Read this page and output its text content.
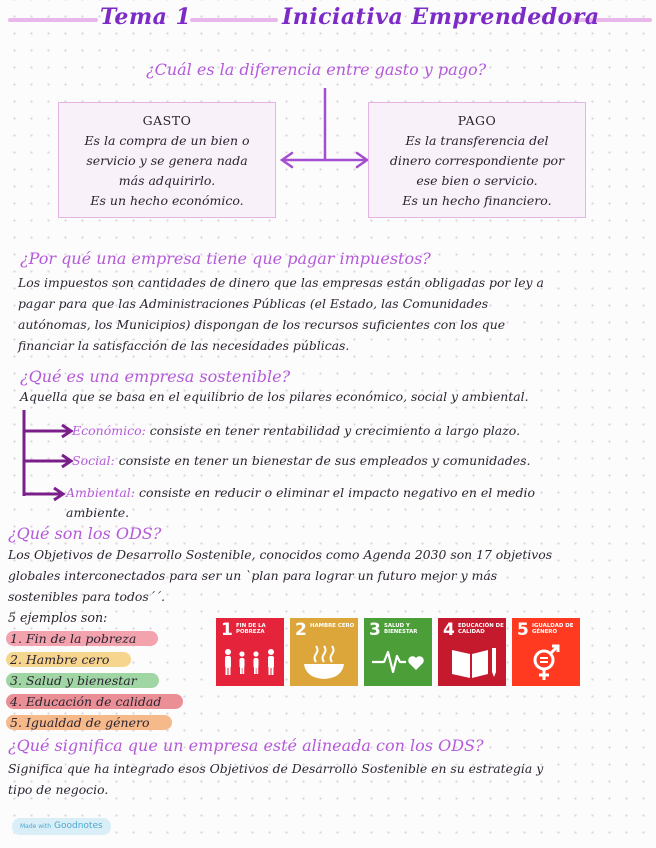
Tema 1	Iniciativa Emprendedora
¿Cuál es la diferencia entre gasto y pago?
GASTO
Es la compra de un bien o
servicio y se genera nada
más adquirirlo.
Es un hecho económico.
PAGO
Es la transferencia del
dinero correspondiente por
ese bien o servicio.
Es un hecho financiero.
¿Por qué una empresa tiene que pagar impuestos?
Los impuestos son cantidades de dinero que las empresas están obligadas por ley a
pagar para que las Administraciones Públicas (el Estado, las Comunidades
autónomas, los Municipios) dispongan de los recursos suficientes con los que
financiar la satisfacción de las necesidades públicas.
¿Qué es una empresa sostenible?
Aquella que se basa en el equilibrio de los pilares económico, social y ambiental.
Económico: consiste en tener rentabilidad y crecimiento a largo plazo.
Social: consiste en tener un bienestar de sus empleados y comunidades.
Ambiental: consiste en reducir o eliminar el impacto negativo en el medio
ambiente.
¿Qué son los ODS?
Los Objetivos de Desarrollo Sostenible, conocidos como Agenda 2030 son 17 objetivos
globales interconectados para ser un `plan para lograr un futuro mejor y más
sostenibles para todos´´.
5 ejemplos son:
1. Fin de la pobreza
2. Hambre cero
3. Salud y bienestar
4. Educación de calidad
5. Igualdad de género
1 FIN DE LA POBREZA	2 HAMBRE CERO 3 SALUD Y BIENESTAR	4 EDUCACIÓN DE CALIDAD	5 IGUALDAD DE GÉNERO
¿Qué significa que un empresa esté alineada con los ODS?
Significa que ha integrado esos Objetivos de Desarrollo Sostenible en su estrategia y
tipo de negocio.
Made with Goodnotes
